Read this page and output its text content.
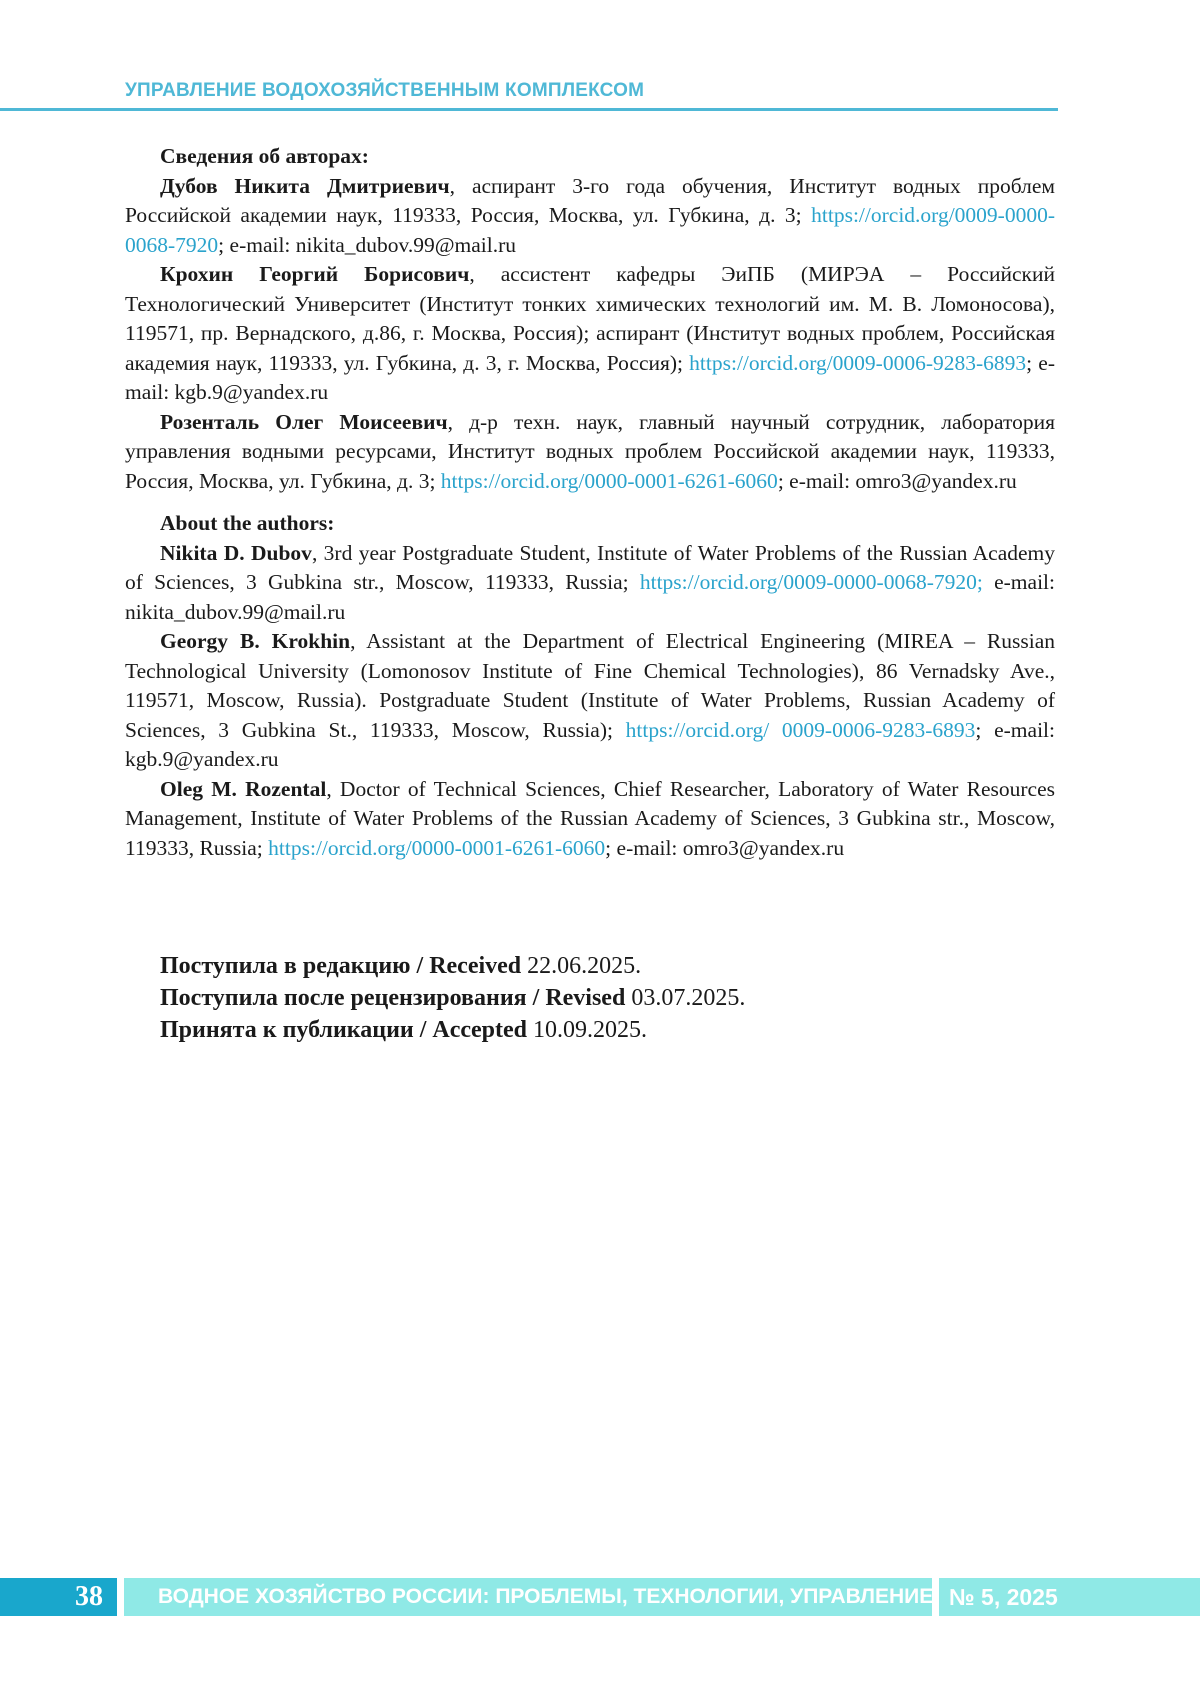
УПРАВЛЕНИЕ ВОДОХОЗЯЙСТВЕННЫМ КОМПЛЕКСОМ
Сведения об авторах:

Дубов Никита Дмитриевич, аспирант 3-го года обучения, Институт водных проблем Российской академии наук, 119333, Россия, Москва, ул. Губкина, д. 3; https://orcid.org/0009-0000-0068-7920; e-mail: nikita_dubov.99@mail.ru

Крохин Георгий Борисович, ассистент кафедры ЭиПБ (МИРЭА – Российский Технологический Университет (Институт тонких химических технологий им. М. В. Ломоносова), 119571, пр. Вернадского, д.86, г. Москва, Россия); аспирант (Институт водных проблем, Российская академия наук, 119333, ул. Губкина, д. 3, г. Москва, Россия); https://orcid.org/0009-0006-9283-6893; e-mail: kgb.9@yandex.ru

Розенталь Олег Моисеевич, д-р техн. наук, главный научный сотрудник, лаборатория управления водными ресурсами, Институт водных проблем Российской академии наук, 119333, Россия, Москва, ул. Губкина, д. 3; https://orcid.org/0000-0001-6261-6060; e-mail: omro3@yandex.ru

About the authors:

Nikita D. Dubov, 3rd year Postgraduate Student, Institute of Water Problems of the Russian Academy of Sciences, 3 Gubkina str., Moscow, 119333, Russia; https://orcid.org/0009-0000-0068-7920; e-mail: nikita_dubov.99@mail.ru

Georgy B. Krokhin, Assistant at the Department of Electrical Engineering (MIREA – Russian Technological University (Lomonosov Institute of Fine Chemical Technologies), 86 Vernadsky Ave., 119571, Moscow, Russia). Postgraduate Student (Institute of Water Problems, Russian Academy of Sciences, 3 Gubkina St., 119333, Moscow, Russia); https://orcid.org/ 0009-0006-9283-6893; e-mail: kgb.9@yandex.ru

Oleg M. Rozental, Doctor of Technical Sciences, Chief Researcher, Laboratory of Water Resources Management, Institute of Water Problems of the Russian Academy of Sciences, 3 Gubkina str., Moscow, 119333, Russia; https://orcid.org/0000-0001-6261-6060; e-mail: omro3@yandex.ru

Поступила в редакцию / Received 22.06.2025.
Поступила после рецензирования / Revised 03.07.2025.
Принята к публикации / Accepted 10.09.2025.
38	ВОДНОЕ ХОЗЯЙСТВО РОССИИ: ПРОБЛЕМЫ, ТЕХНОЛОГИИ, УПРАВЛЕНИЕ № 5, 2025
